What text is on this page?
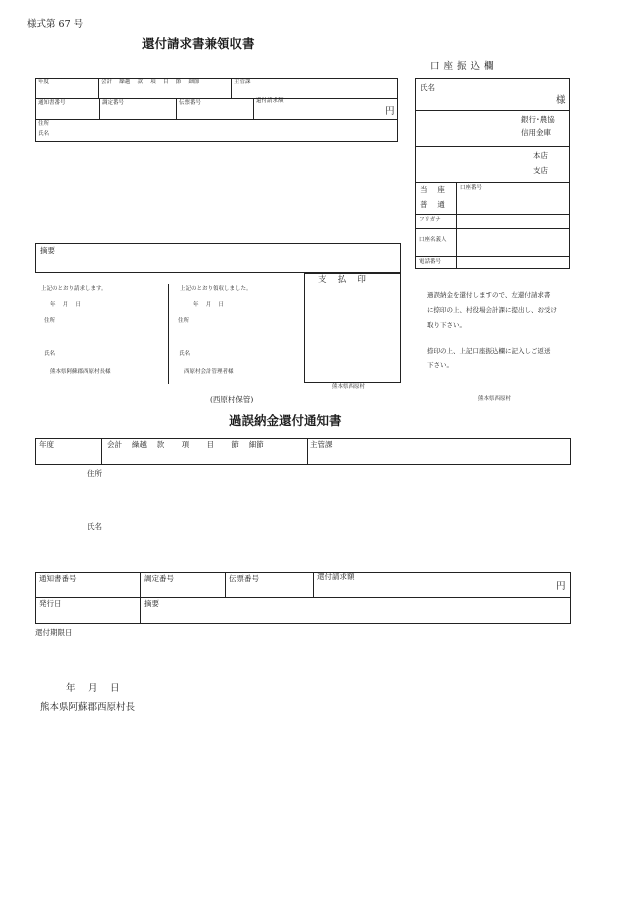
様式第 67 号
還付請求書兼領収書
年度	会計　 繰越　 款　 項　 目　 節　 細節	主管課
通知書番号	調定番号	伝票番号	還付請求額
円
住所
氏名
摘要
上記のとおり請求します。
年　 月　 日
住所
氏名
熊本県阿蘇郡西原村長様
上記のとおり領収しました。
年　 月　 日
住所
氏名
西原村会計管理者様
支　 払　 印
熊本県西原村
(西原村保管)
口座振込欄
氏名
様
銀行･農協
信用金庫
本店
支店
当　 座
普　 通
口座番号
フリガナ
口座名義人
電話番号
過誤納金を還付しますので、左還付請求書
に捺印の上、村役場会計課に提出し、お受け
取り下さい。
捺印の上、上記口座振込欄に記入しご返送
下さい。
熊本県西原村
過誤納金還付通知書
年度	会計　 繰越　 款　　 項　　 目　　 節　 細節	主管課
住所
氏名
通知書番号	調定番号	伝票番号	還付請求額
円
発行日	摘要
還付期限日
年　 月　 日
熊本県阿蘇郡西原村長
